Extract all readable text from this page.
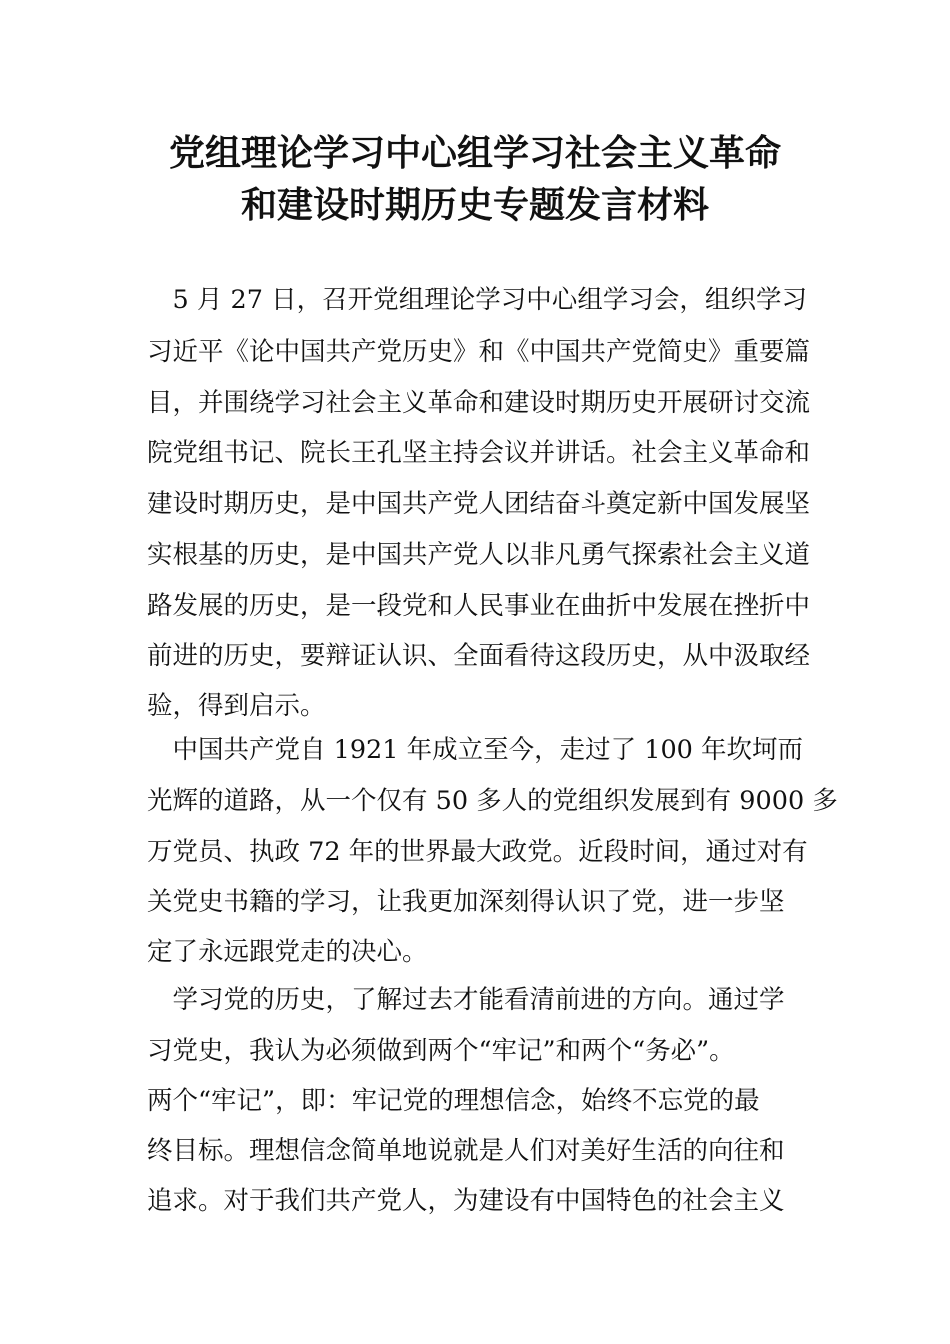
党组理论学习中心组学习社会主义革命
和建设时期历史专题发言材料
　5 月 27 日，召开党组理论学习中心组学习会，组织学习
习近平《论中国共产党历史》和《中国共产党简史》重要篇
目，并围绕学习社会主义革命和建设时期历史开展研讨交流
院党组书记、院长王孔坚主持会议并讲话。社会主义革命和
建设时期历史，是中国共产党人团结奋斗奠定新中国发展坚
实根基的历史，是中国共产党人以非凡勇气探索社会主义道
路发展的历史，是一段党和人民事业在曲折中发展在挫折中
前进的历史，要辩证认识、全面看待这段历史，从中汲取经
验，得到启示。
　中国共产党自 1921 年成立至今，走过了 100 年坎坷而
光辉的道路，从一个仅有 50 多人的党组织发展到有 9000 多
万党员、执政 72 年的世界最大政党。近段时间，通过对有
关党史书籍的学习，让我更加深刻得认识了党，进一步坚
定了永远跟党走的决心。
　学习党的历史，了解过去才能看清前进的方向。通过学
习党史，我认为必须做到两个“牢记”和两个“务必”。
两个“牢记”，即：牢记党的理想信念，始终不忘党的最
终目标。理想信念简单地说就是人们对美好生活的向往和
追求。对于我们共产党人，为建设有中国特色的社会主义
